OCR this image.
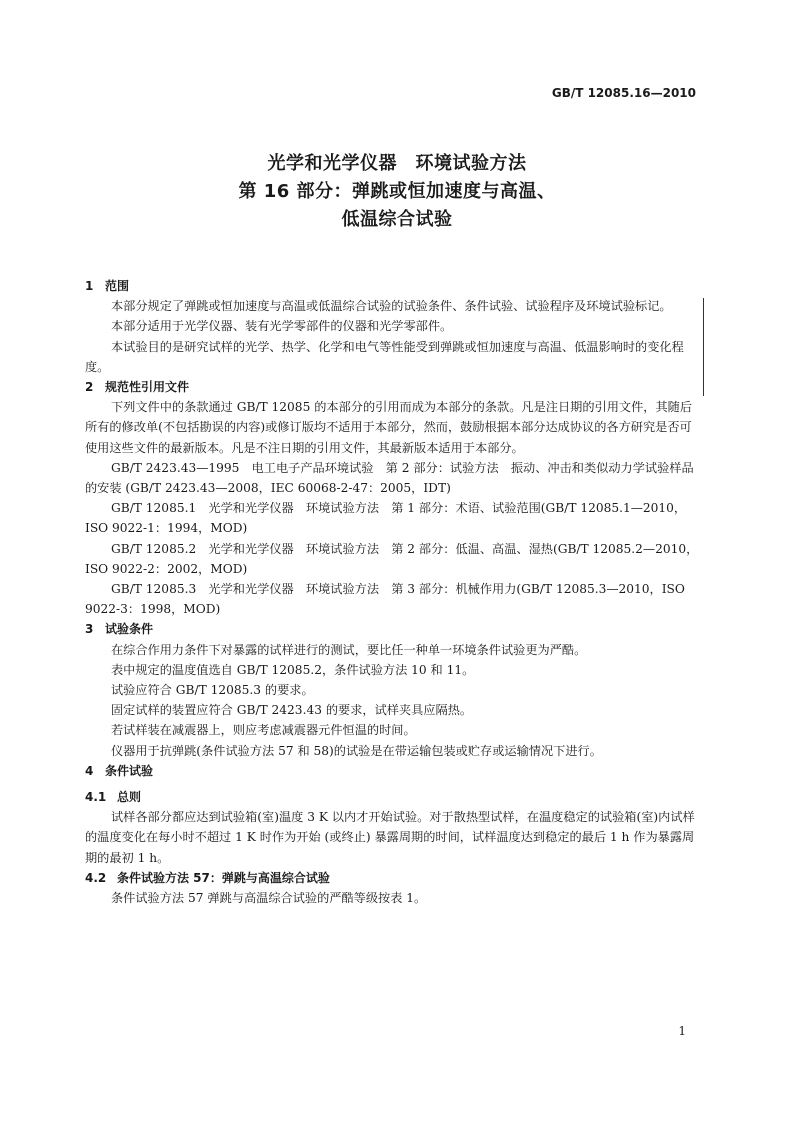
GB/T 12085.16—2010
光学和光学仪器　环境试验方法
第 16 部分：弹跳或恒加速度与高温、
低温综合试验

1 范围

本部分规定了弹跳或恒加速度与高温或低温综合试验的试验条件、条件试验、试验程序及环境试验标记。

本部分适用于光学仪器、装有光学零部件的仪器和光学零部件。

本试验目的是研究试样的光学、热学、化学和电气等性能受到弹跳或恒加速度与高温、低温影响时的变化程度。

2 规范性引用文件

下列文件中的条款通过 GB/T 12085 的本部分的引用而成为本部分的条款。凡是注日期的引用文件，其随后所有的修改单(不包括勘误的内容)或修订版均不适用于本部分，然而，鼓励根据本部分达成协议的各方研究是否可使用这些文件的最新版本。凡是不注日期的引用文件，其最新版本适用于本部分。

GB/T 2423.43—1995　电工电子产品环境试验　第 2 部分：试验方法　振动、冲击和类似动力学试验样品的安装 (GB/T 2423.43—2008，IEC 60068-2-47：2005，IDT)

GB/T 12085.1　光学和光学仪器　环境试验方法　第 1 部分：术语、试验范围(GB/T 12085.1—2010，ISO 9022-1：1994，MOD)

GB/T 12085.2　光学和光学仪器　环境试验方法　第 2 部分：低温、高温、湿热(GB/T 12085.2—2010，ISO 9022-2：2002，MOD)

GB/T 12085.3　光学和光学仪器　环境试验方法　第 3 部分：机械作用力(GB/T 12085.3—2010，ISO 9022-3：1998，MOD)

3 试验条件

在综合作用力条件下对暴露的试样进行的测试，要比任一种单一环境条件试验更为严酷。

表中规定的温度值选自 GB/T 12085.2，条件试验方法 10 和 11。

试验应符合 GB/T 12085.3 的要求。

固定试样的装置应符合 GB/T 2423.43 的要求，试样夹具应隔热。

若试样装在减震器上，则应考虑减震器元件恒温的时间。

仪器用于抗弹跳(条件试验方法 57 和 58)的试验是在带运输包装或贮存或运输情况下进行。

4 条件试验

4.1 总则

试样各部分都应达到试验箱(室)温度 3 K 以内才开始试验。对于散热型试样，在温度稳定的试验箱(室)内试样的温度变化在每小时不超过 1 K 时作为开始 (或终止) 暴露周期的时间，试样温度达到稳定的最后 1 h 作为暴露周期的最初 1 h。

4.2 条件试验方法 57：弹跳与高温综合试验

条件试验方法 57 弹跳与高温综合试验的严酷等级按表 1。

1
